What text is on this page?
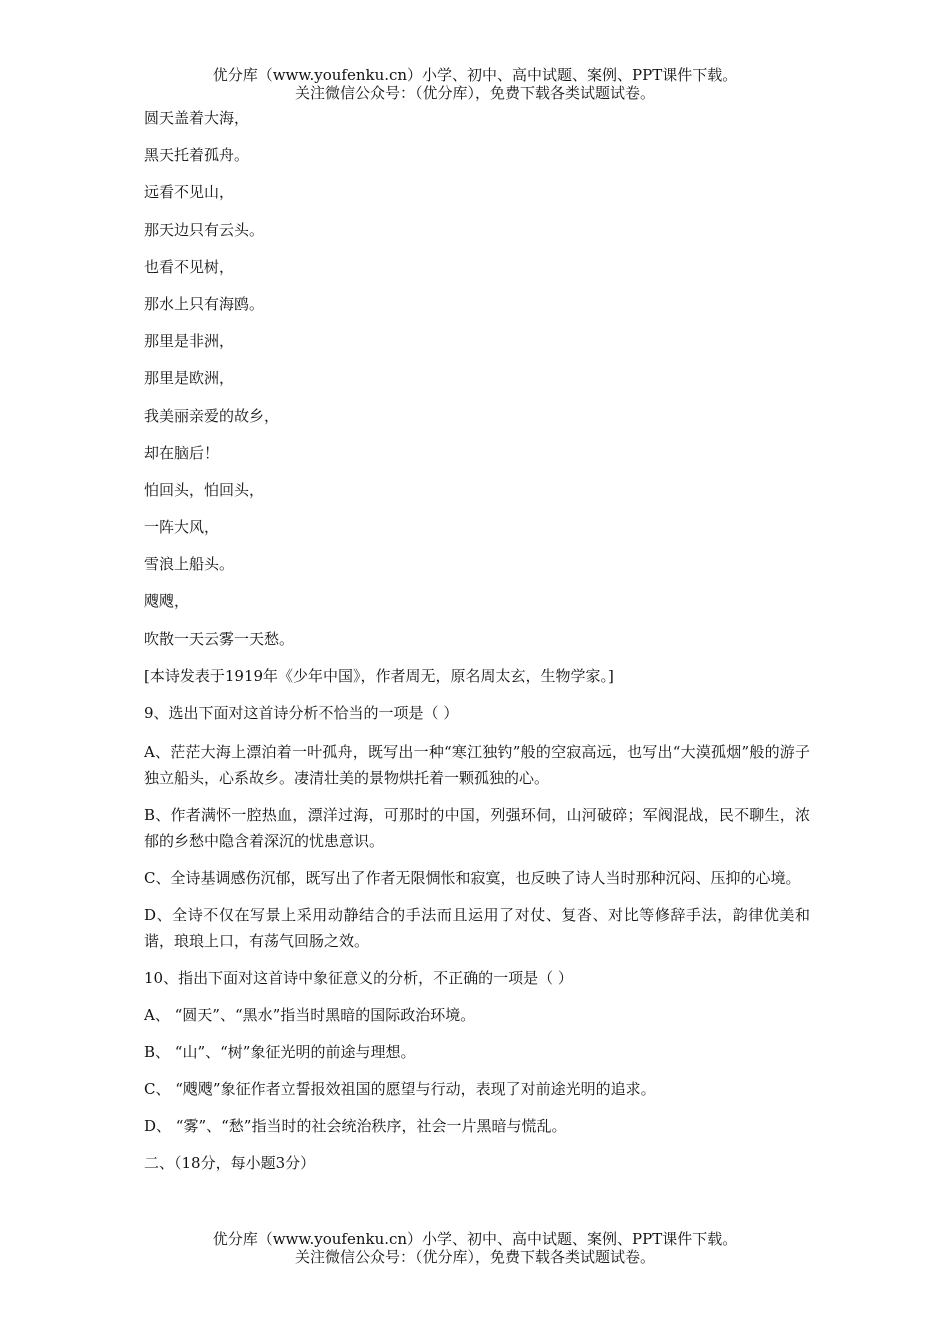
优分库（www.youfenku.cn）小学、初中、高中试题、案例、PPT课件下载。
关注微信公众号：（优分库），免费下载各类试题试卷。

圆天盖着大海，

黑天托着孤舟。

远看不见山，

那天边只有云头。

也看不见树，

那水上只有海鸥。

那里是非洲，

那里是欧洲，

我美丽亲爱的故乡，

却在脑后！

怕回头，怕回头，

一阵大风，

雪浪上船头。

飕飕，

吹散一天云雾一天愁。

[本诗发表于1919年《少年中国》，作者周无，原名周太玄，生物学家。]

9、选出下面对这首诗分析不恰当的一项是（ ）

A、茫茫大海上漂泊着一叶孤舟，既写出一种“寒江独钓”般的空寂高远，也写出“大漠孤烟”般的游子独立船头，心系故乡。凄清壮美的景物烘托着一颗孤独的心。

B、作者满怀一腔热血，漂洋过海，可那时的中国，列强环伺，山河破碎；军阀混战，民不聊生，浓郁的乡愁中隐含着深沉的忧患意识。

C、全诗基调感伤沉郁，既写出了作者无限惆怅和寂寞，也反映了诗人当时那种沉闷、压抑的心境。

D、全诗不仅在写景上采用动静结合的手法而且运用了对仗、复沓、对比等修辞手法，韵律优美和谐，琅琅上口，有荡气回肠之效。

10、指出下面对这首诗中象征意义的分析，不正确的一项是（ ）

A、 “圆天”、“黑水”指当时黑暗的国际政治环境。

B、 “山”、“树”象征光明的前途与理想。

C、 “飕飕”象征作者立誓报效祖国的愿望与行动，表现了对前途光明的追求。

D、 “雾”、“愁”指当时的社会统治秩序，社会一片黑暗与慌乱。

二、（18分，每小题3分）

优分库（www.youfenku.cn）小学、初中、高中试题、案例、PPT课件下载。
关注微信公众号：（优分库），免费下载各类试题试卷。
